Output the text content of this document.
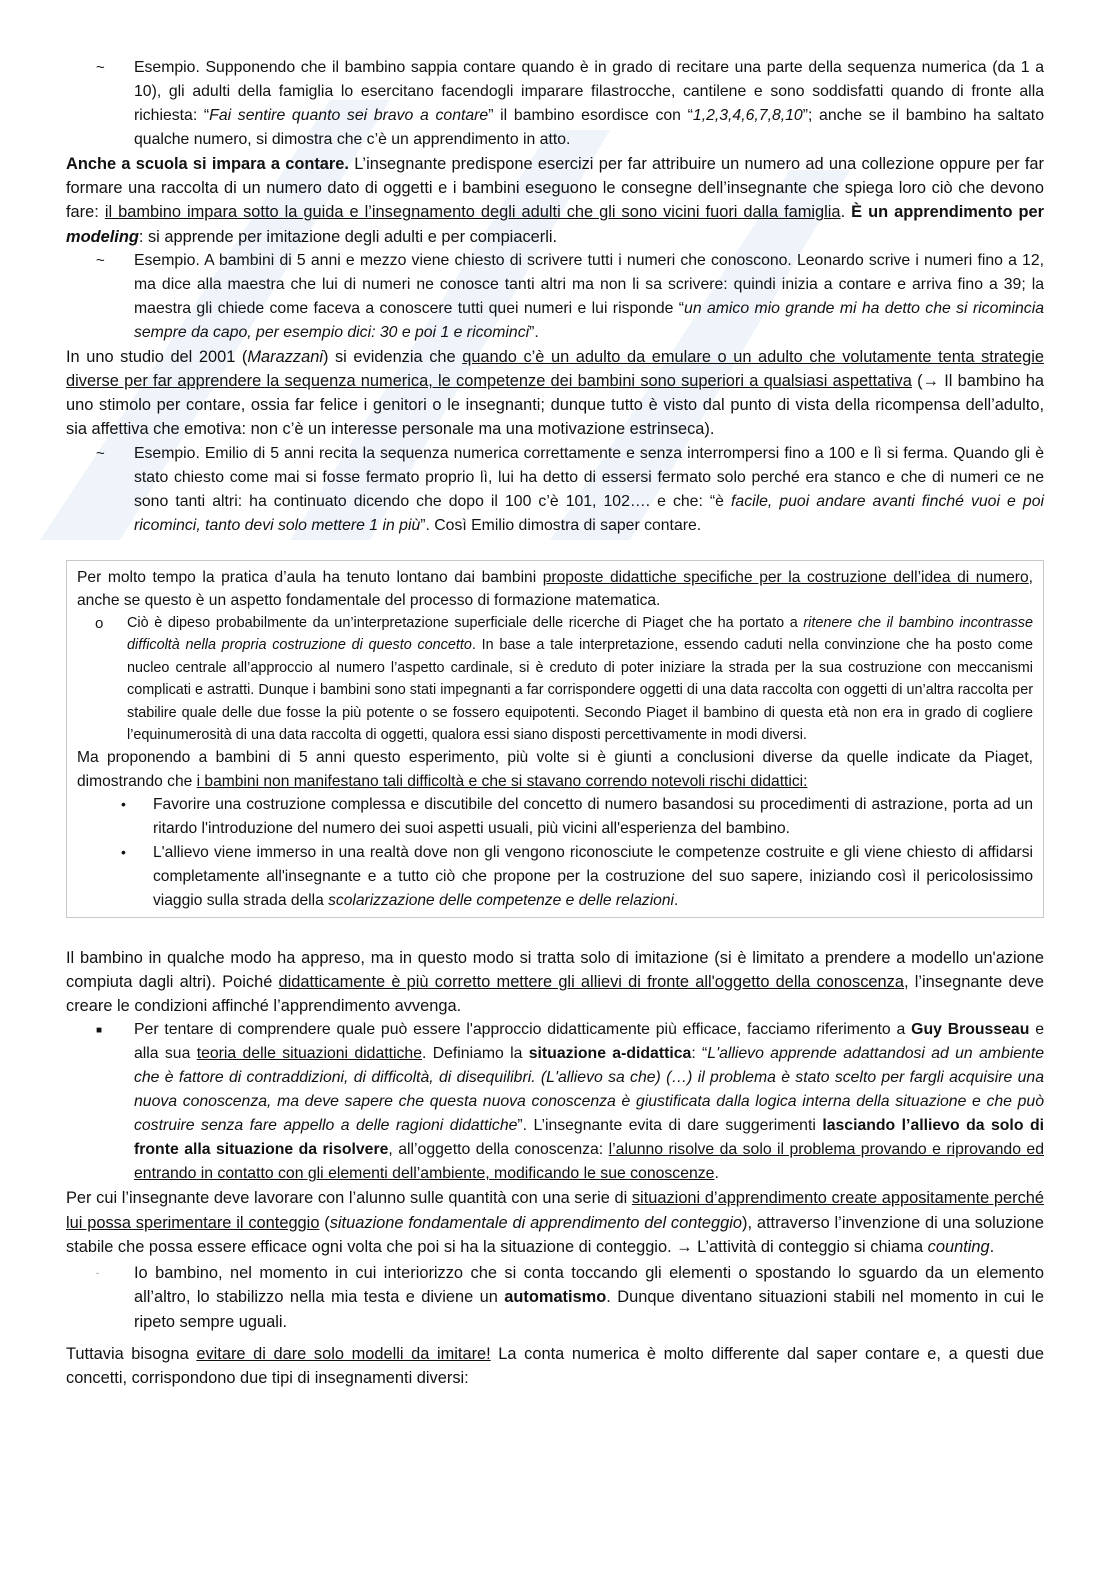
~ Esempio. Supponendo che il bambino sappia contare quando è in grado di recitare una parte della sequenza numerica (da 1 a 10), gli adulti della famiglia lo esercitano facendogli imparare filastrocche, cantilene e sono soddisfatti quando di fronte alla richiesta: “Fai sentire quanto sei bravo a contare” il bambino esordisce con “1,2,3,4,6,7,8,10”; anche se il bambino ha saltato qualche numero, si dimostra che c’è un apprendimento in atto.

Anche a scuola si impara a contare. L’insegnante predispone esercizi per far attribuire un numero ad una collezione oppure per far formare una raccolta di un numero dato di oggetti e i bambini eseguono le consegne dell’insegnante che spiega loro ciò che devono fare: il bambino impara sotto la guida e l’insegnamento degli adulti che gli sono vicini fuori dalla famiglia. È un apprendimento per modeling: si apprende per imitazione degli adulti e per compiacerli.

~ Esempio. A bambini di 5 anni e mezzo viene chiesto di scrivere tutti i numeri che conoscono. Leonardo scrive i numeri fino a 12, ma dice alla maestra che lui di numeri ne conosce tanti altri ma non li sa scrivere: quindi inizia a contare e arriva fino a 39; la maestra gli chiede come faceva a conoscere tutti quei numeri e lui risponde “un amico mio grande mi ha detto che si ricomincia sempre da capo, per esempio dici: 30 e poi 1 e ricominci”.

In uno studio del 2001 (Marazzani) si evidenzia che quando c’è un adulto da emulare o un adulto che volutamente tenta strategie diverse per far apprendere la sequenza numerica, le competenze dei bambini sono superiori a qualsiasi aspettativa (→ Il bambino ha uno stimolo per contare, ossia far felice i genitori o le insegnanti; dunque tutto è visto dal punto di vista della ricompensa dell’adulto, sia affettiva che emotiva: non c’è un interesse personale ma una motivazione estrinseca).

~ Esempio. Emilio di 5 anni recita la sequenza numerica correttamente e senza interrompersi fino a 100 e lì si ferma. Quando gli è stato chiesto come mai si fosse fermato proprio lì, lui ha detto di essersi fermato solo perché era stanco e che di numeri ce ne sono tanti altri: ha continuato dicendo che dopo il 100 c’è 101, 102…. e che: “è facile, puoi andare avanti finché vuoi e poi ricominci, tanto devi solo mettere 1 in più”. Così Emilio dimostra di saper contare.

Per molto tempo la pratica d’aula ha tenuto lontano dai bambini proposte didattiche specifiche per la costruzione dell’idea di numero, anche se questo è un aspetto fondamentale del processo di formazione matematica.

o Ciò è dipeso probabilmente da un’interpretazione superficiale delle ricerche di Piaget che ha portato a ritenere che il bambino incontrasse difficoltà nella propria costruzione di questo concetto. In base a tale interpretazione, essendo caduti nella convinzione che ha posto come nucleo centrale all’approccio al numero l’aspetto cardinale, si è creduto di poter iniziare la strada per la sua costruzione con meccanismi complicati e astratti. Dunque i bambini sono stati impegnanti a far corrispondere oggetti di una data raccolta con oggetti di un’altra raccolta per stabilire quale delle due fosse la più potente o se fossero equipotenti. Secondo Piaget il bambino di questa età non era in grado di cogliere l’equinumerosità di una data raccolta di oggetti, qualora essi siano disposti percettivamente in modi diversi.

Ma proponendo a bambini di 5 anni questo esperimento, più volte si è giunti a conclusioni diverse da quelle indicate da Piaget, dimostrando che i bambini non manifestano tali difficoltà e che si stavano correndo notevoli rischi didattici:

• Favorire una costruzione complessa e discutibile del concetto di numero basandosi su procedimenti di astrazione, porta ad un ritardo l'introduzione del numero dei suoi aspetti usuali, più vicini all'esperienza del bambino.

• L'allievo viene immerso in una realtà dove non gli vengono riconosciute le competenze costruite e gli viene chiesto di affidarsi completamente all'insegnante e a tutto ciò che propone per la costruzione del suo sapere, iniziando così il pericolosissimo viaggio sulla strada della scolarizzazione delle competenze e delle relazioni.

Il bambino in qualche modo ha appreso, ma in questo modo si tratta solo di imitazione (si è limitato a prendere a modello un'azione compiuta dagli altri). Poiché didatticamente è più corretto mettere gli allievi di fronte all'oggetto della conoscenza, l’insegnante deve creare le condizioni affinché l’apprendimento avvenga.

■ Per tentare di comprendere quale può essere l'approccio didatticamente più efficace, facciamo riferimento a Guy Brousseau e alla sua teoria delle situazioni didattiche. Definiamo la situazione a-didattica: “L'allievo apprende adattandosi ad un ambiente che è fattore di contraddizioni, di difficoltà, di disequilibri. (L'allievo sa che) (…) il problema è stato scelto per fargli acquisire una nuova conoscenza, ma deve sapere che questa nuova conoscenza è giustificata dalla logica interna della situazione e che può costruire senza fare appello a delle ragioni didattiche”. L’insegnante evita di dare suggerimenti lasciando l’allievo da solo di fronte alla situazione da risolvere, all’oggetto della conoscenza: l’alunno risolve da solo il problema provando e riprovando ed entrando in contatto con gli elementi dell’ambiente, modificando le sue conoscenze.

Per cui l’insegnante deve lavorare con l’alunno sulle quantità con una serie di situazioni d’apprendimento create appositamente perché lui possa sperimentare il conteggio (situazione fondamentale di apprendimento del conteggio), attraverso l’invenzione di una soluzione stabile che possa essere efficace ogni volta che poi si ha la situazione di conteggio. → L’attività di conteggio si chiama counting.

- Io bambino, nel momento in cui interiorizzo che si conta toccando gli elementi o spostando lo sguardo da un elemento all’altro, lo stabilizzo nella mia testa e diviene un automatismo. Dunque diventano situazioni stabili nel momento in cui le ripeto sempre uguali.

Tuttavia bisogna evitare di dare solo modelli da imitare! La conta numerica è molto differente dal saper contare e, a questi due concetti, corrispondono due tipi di insegnamenti diversi:
